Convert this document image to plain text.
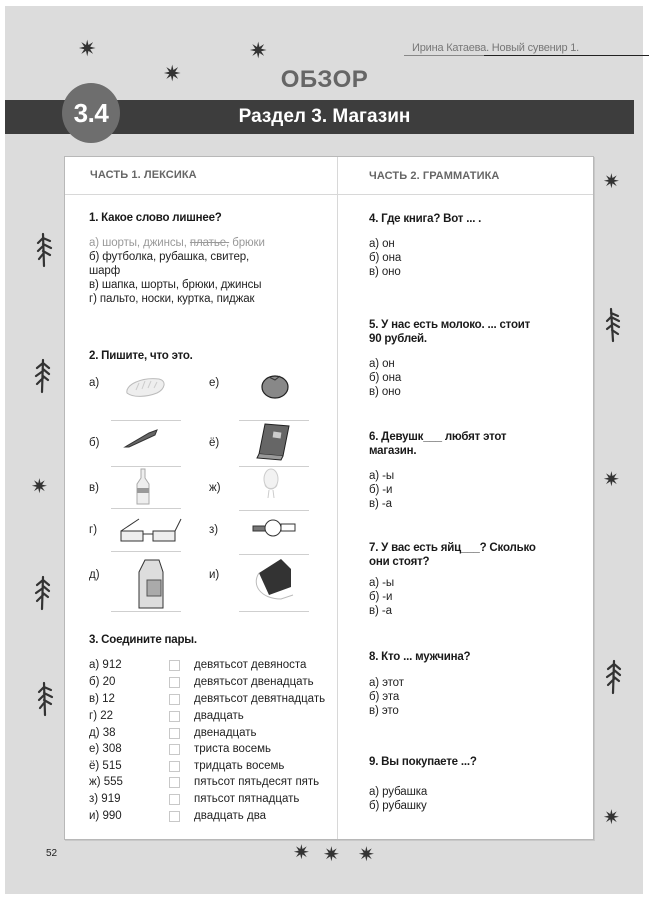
✷	✷
✷
✷
✷
✷
✷
✷ ✷ ✷
Ирина Катаева. Новый сувенир 1.
ОБЗОР
Раздел 3. Магазин
3.4
ЧАСТЬ 1. ЛЕКСИКА
1. Какое слово лишнее?
а) шорты, джинсы, платье, брюки
б) футболка, рубашка, свитер,
шарф
в) шапка, шорты, брюки, джинсы
г) пальто, носки, куртка, пиджак
2. Пишите, что это.
а)
б)
в)
г)
д)
е)
ё)
ж)
з)
и)
3. Соедините пары.
а) 912	девятьсот девяноста
б) 20	девятьсот двенадцать
в) 12	девятьсот девятнадцать
г) 22	двадцать
д) 38	двенадцать
е) 308	триста восемь
ё) 515	тридцать восемь
ж) 555	пятьсот пятьдесят пять
з) 919	пятьсот пятнадцать
и) 990	двадцать два
ЧАСТЬ 2. ГРАММАТИКА
4. Где книга? Вот ... .
а) он
б) она
в) оно
5. У нас есть молоко. ... стоит
90 рублей.
а) он
б) она
в) оно
6. Девушк___ любят этот
магазин.
а) -ы
б) -и
в) -а
7. У вас есть яйц___? Сколько
они стоят?
а) -ы
б) -и
в) -а
8. Кто ... мужчина?
а) этот
б) эта
в) это
9. Вы покупаете ...?
а) рубашка
б) рубашку
52
